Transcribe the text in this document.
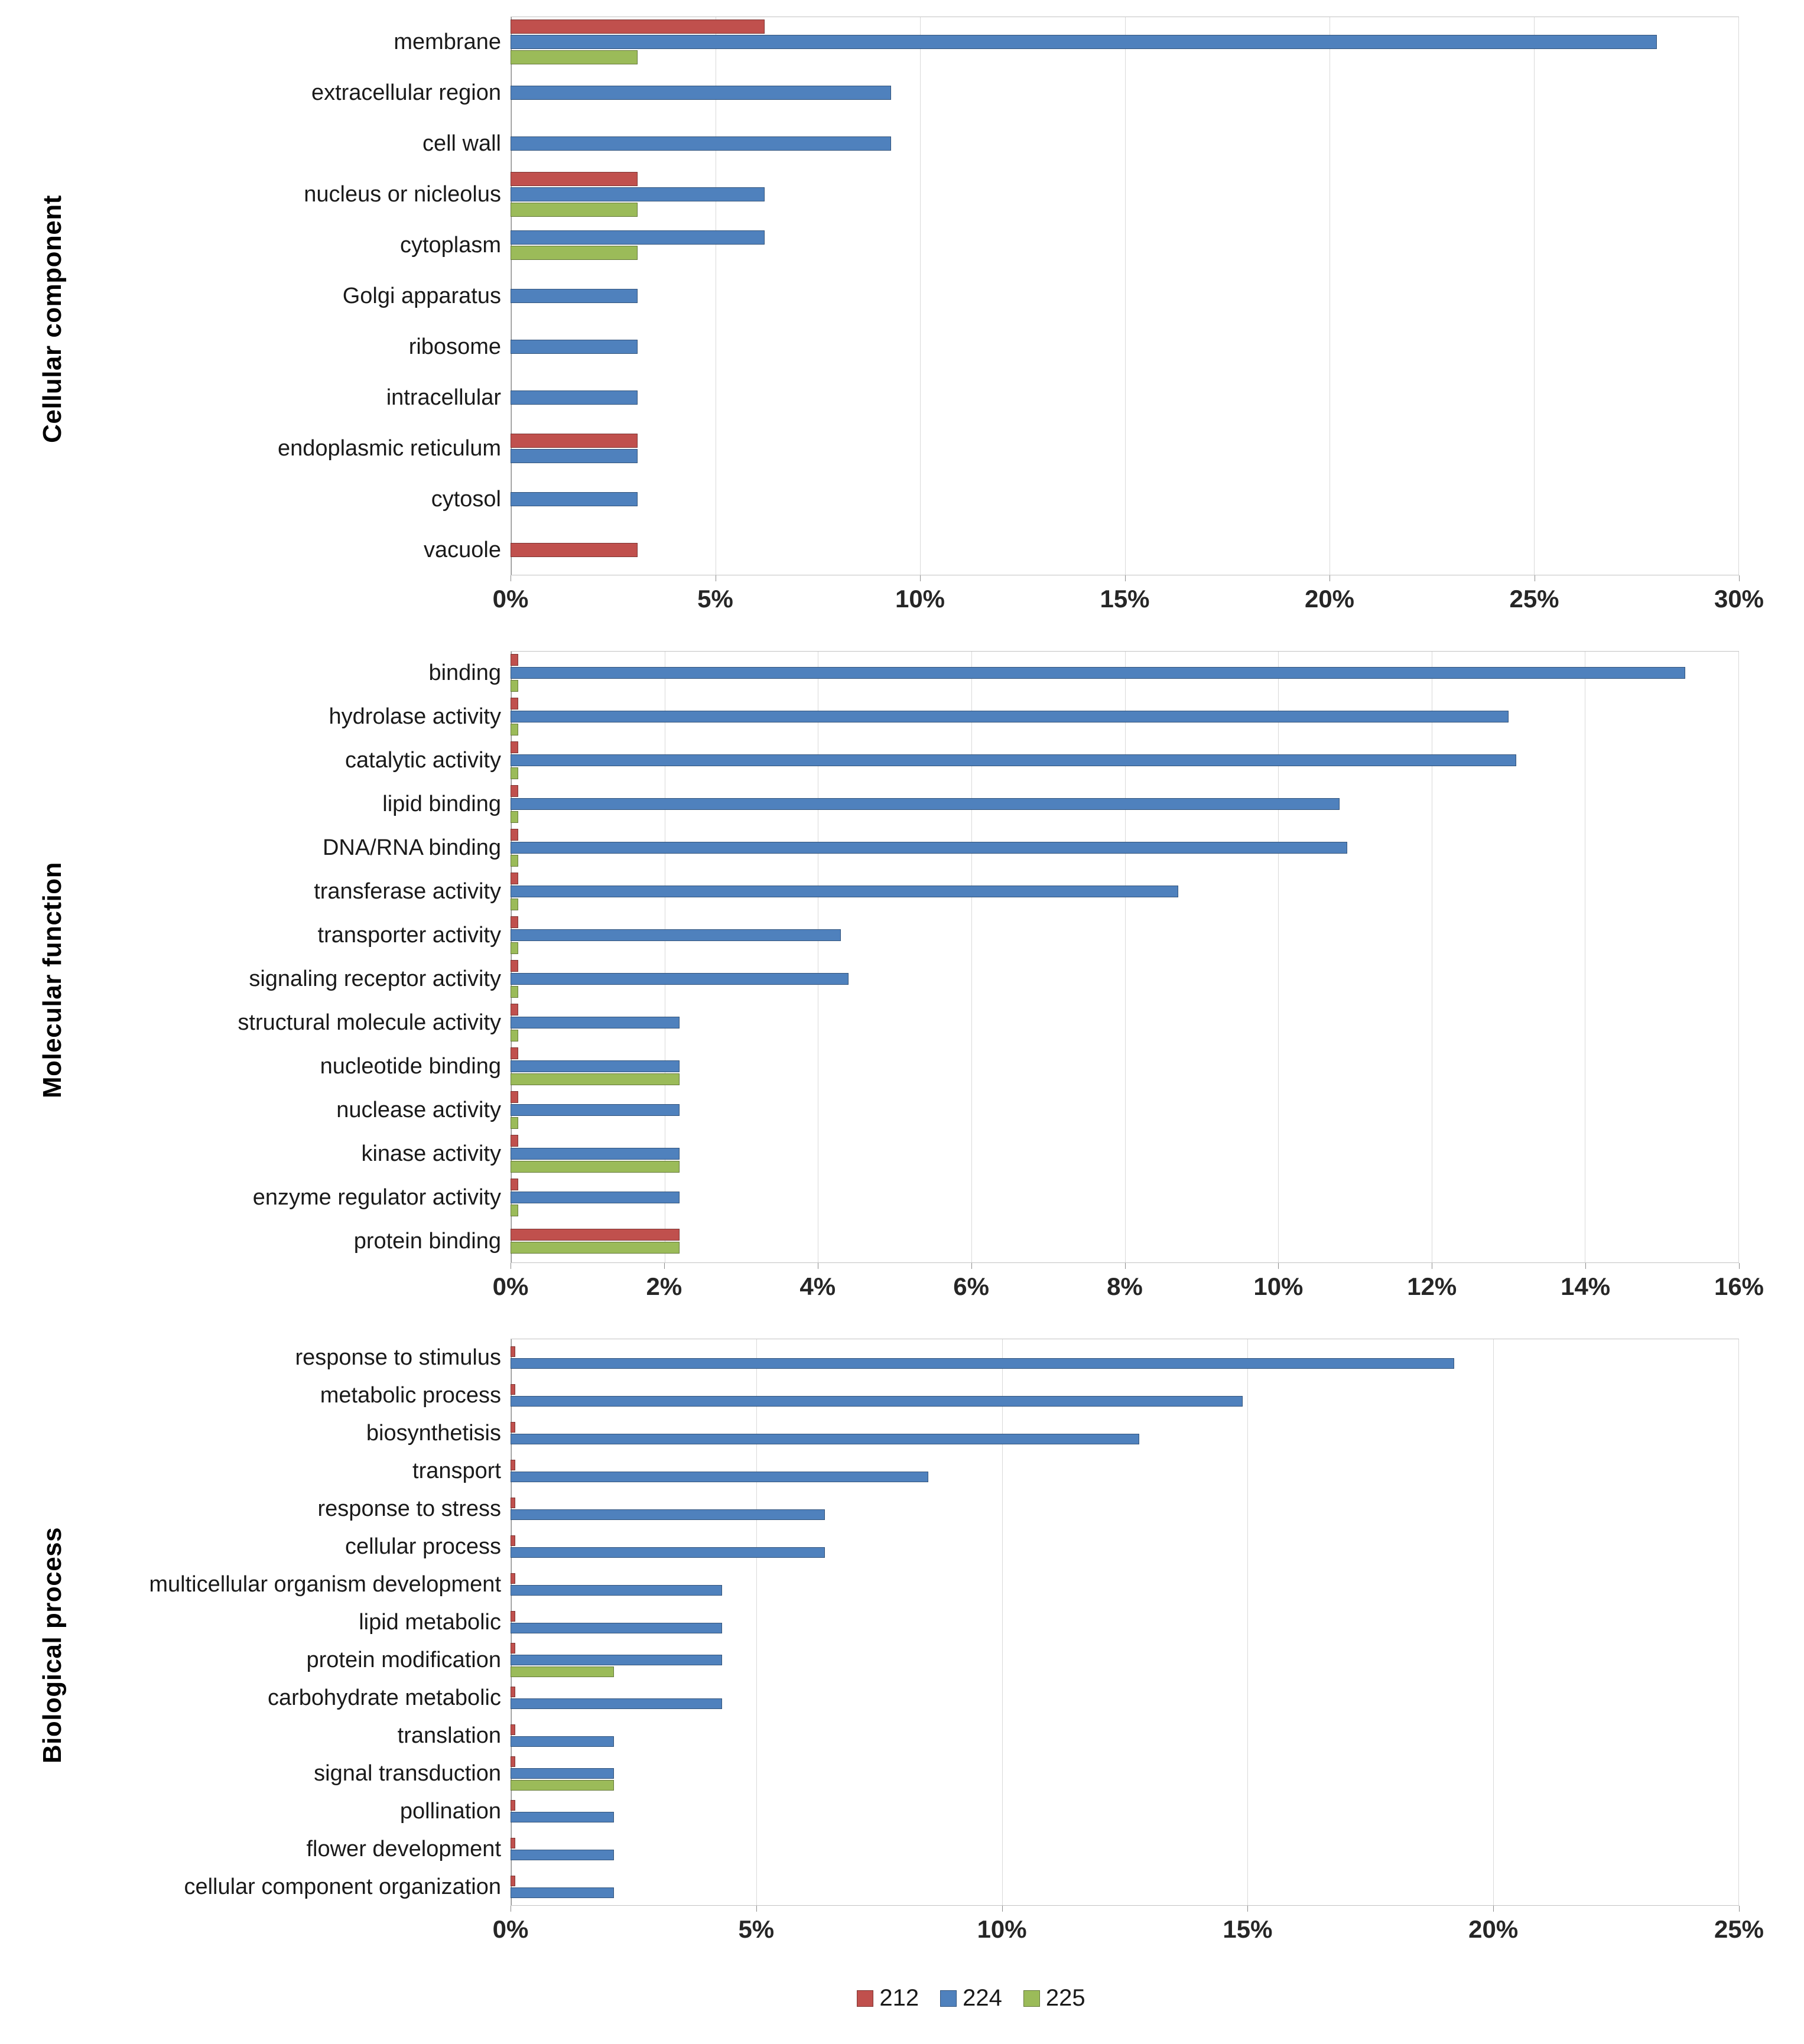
Cellular component
membrane
extracellular region
cell wall
nucleus or nicleolus
cytoplasm
Golgi apparatus
ribosome
intracellular
endoplasmic reticulum
cytosol
vacuole
0%	5%	10%	15%	20%	25%	30%
Molecular function
binding
hydrolase activity
catalytic activity
lipid binding
DNA/RNA binding
transferase activity
transporter activity
signaling receptor activity
structural molecule activity
nucleotide binding
nuclease activity
kinase activity
enzyme regulator activity
protein binding
0%	2%	4%	6%	8%	10%	12%	14%	16%
Biological process
response to stimulus
metabolic process
biosynthetisis
transport
response to stress
cellular process
multicellular organism development
lipid metabolic
protein modification
carbohydrate metabolic
translation
signal transduction
pollination
flower development
cellular component organization
0%	5%	10%	15%	20%	25%
212 224 225
